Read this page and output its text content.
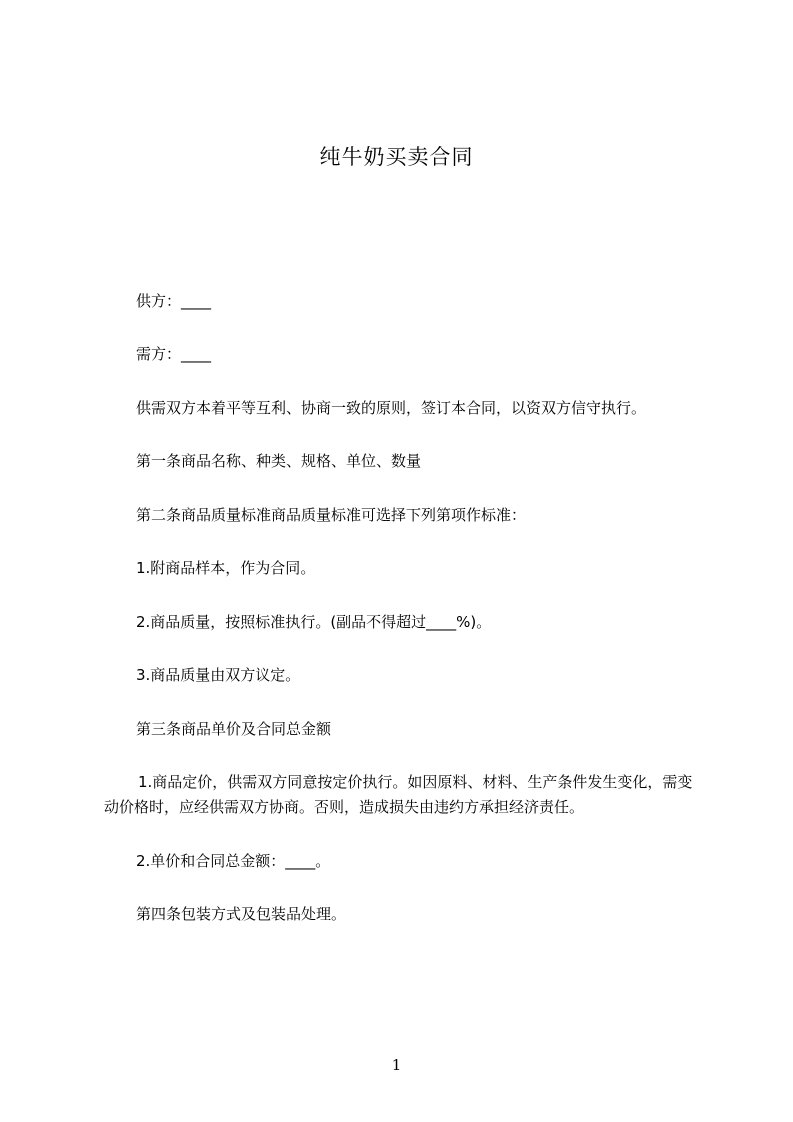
纯牛奶买卖合同

供方：____

需方：____

供需双方本着平等互利、协商一致的原则，签订本合同，以资双方信守执行。

第一条商品名称、种类、规格、单位、数量

第二条商品质量标准商品质量标准可选择下列第项作标准：

1.附商品样本，作为合同。

2.商品质量，按照标准执行。(副品不得超过____%)。

3.商品质量由双方议定。

第三条商品单价及合同总金额

1.商品定价，供需双方同意按定价执行。如因原料、材料、生产条件发生变化，需变动价格时，应经供需双方协商。否则，造成损失由违约方承担经济责任。

2.单价和合同总金额：____。

第四条包装方式及包装品处理。

1
